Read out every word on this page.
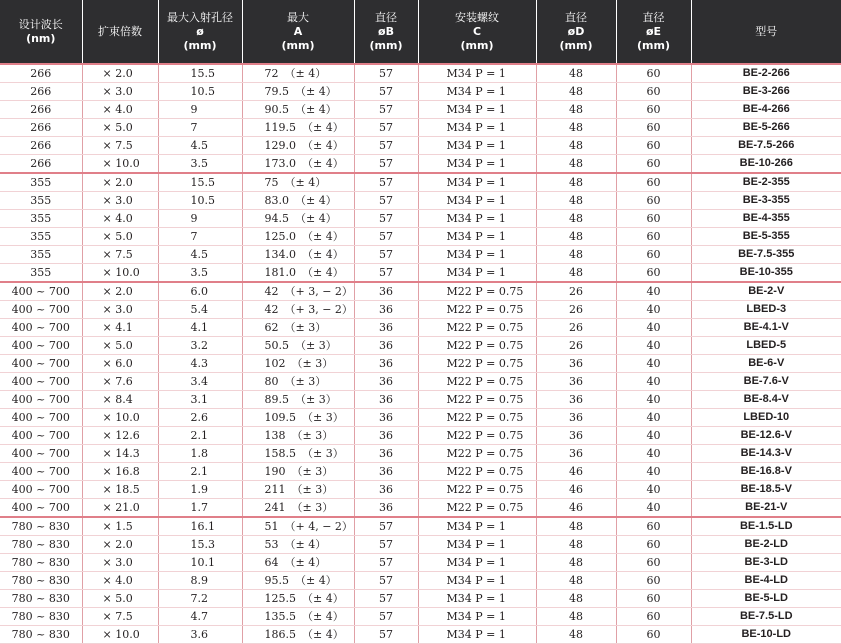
设计波长
(nm)	扩束倍数	最大入射孔径
ø
(mm)	最大
A
(mm)	直径
øB
(mm)	安装螺纹
C
(mm)	直径
øD
(mm)	直径
øE
(mm)	型号

266	× 2.0	15.5	72 （± 4）	57	M34 P = 1	48	60	BE-2-266
266	× 3.0	10.5	79.5 （± 4）	57	M34 P = 1	48	60	BE-3-266
266	× 4.0	9	90.5 （± 4）	57	M34 P = 1	48	60	BE-4-266
266	× 5.0	7	119.5 （± 4）	57	M34 P = 1	48	60	BE-5-266
266	× 7.5	4.5	129.0 （± 4）	57	M34 P = 1	48	60	BE-7.5-266
266	× 10.0	3.5	173.0 （± 4）	57	M34 P = 1	48	60	BE-10-266
355	× 2.0	15.5	75 （± 4）	57	M34 P = 1	48	60	BE-2-355
355	× 3.0	10.5	83.0 （± 4）	57	M34 P = 1	48	60	BE-3-355
355	× 4.0	9	94.5 （± 4）	57	M34 P = 1	48	60	BE-4-355
355	× 5.0	7	125.0 （± 4）	57	M34 P = 1	48	60	BE-5-355
355	× 7.5	4.5	134.0 （± 4）	57	M34 P = 1	48	60	BE-7.5-355
355	× 10.0	3.5	181.0 （± 4）	57	M34 P = 1	48	60	BE-10-355
400 ~ 700	× 2.0	6.0	42 （+ 3, − 2）	36	M22 P = 0.75	26	40	BE-2-V
400 ~ 700	× 3.0	5.4	42 （+ 3, − 2）	36	M22 P = 0.75	26	40	LBED-3
400 ~ 700	× 4.1	4.1	62 （± 3）	36	M22 P = 0.75	26	40	BE-4.1-V
400 ~ 700	× 5.0	3.2	50.5 （± 3）	36	M22 P = 0.75	26	40	LBED-5
400 ~ 700	× 6.0	4.3	102 （± 3）	36	M22 P = 0.75	36	40	BE-6-V
400 ~ 700	× 7.6	3.4	80 （± 3）	36	M22 P = 0.75	36	40	BE-7.6-V
400 ~ 700	× 8.4	3.1	89.5 （± 3）	36	M22 P = 0.75	36	40	BE-8.4-V
400 ~ 700	× 10.0	2.6	109.5 （± 3）	36	M22 P = 0.75	36	40	LBED-10
400 ~ 700	× 12.6	2.1	138 （± 3）	36	M22 P = 0.75	36	40	BE-12.6-V
400 ~ 700	× 14.3	1.8	158.5 （± 3）	36	M22 P = 0.75	36	40	BE-14.3-V
400 ~ 700	× 16.8	2.1	190 （± 3）	36	M22 P = 0.75	46	40	BE-16.8-V
400 ~ 700	× 18.5	1.9	211 （± 3）	36	M22 P = 0.75	46	40	BE-18.5-V
400 ~ 700	× 21.0	1.7	241 （± 3）	36	M22 P = 0.75	46	40	BE-21-V
780 ~ 830	× 1.5	16.1	51 （+ 4, − 2）	57	M34 P = 1	48	60	BE-1.5-LD
780 ~ 830	× 2.0	15.3	53 （± 4）	57	M34 P = 1	48	60	BE-2-LD
780 ~ 830	× 3.0	10.1	64 （± 4）	57	M34 P = 1	48	60	BE-3-LD
780 ~ 830	× 4.0	8.9	95.5 （± 4）	57	M34 P = 1	48	60	BE-4-LD
780 ~ 830	× 5.0	7.2	125.5 （± 4）	57	M34 P = 1	48	60	BE-5-LD
780 ~ 830	× 7.5	4.7	135.5 （± 4）	57	M34 P = 1	48	60	BE-7.5-LD
780 ~ 830	× 10.0	3.6	186.5 （± 4）	57	M34 P = 1	48	60	BE-10-LD
